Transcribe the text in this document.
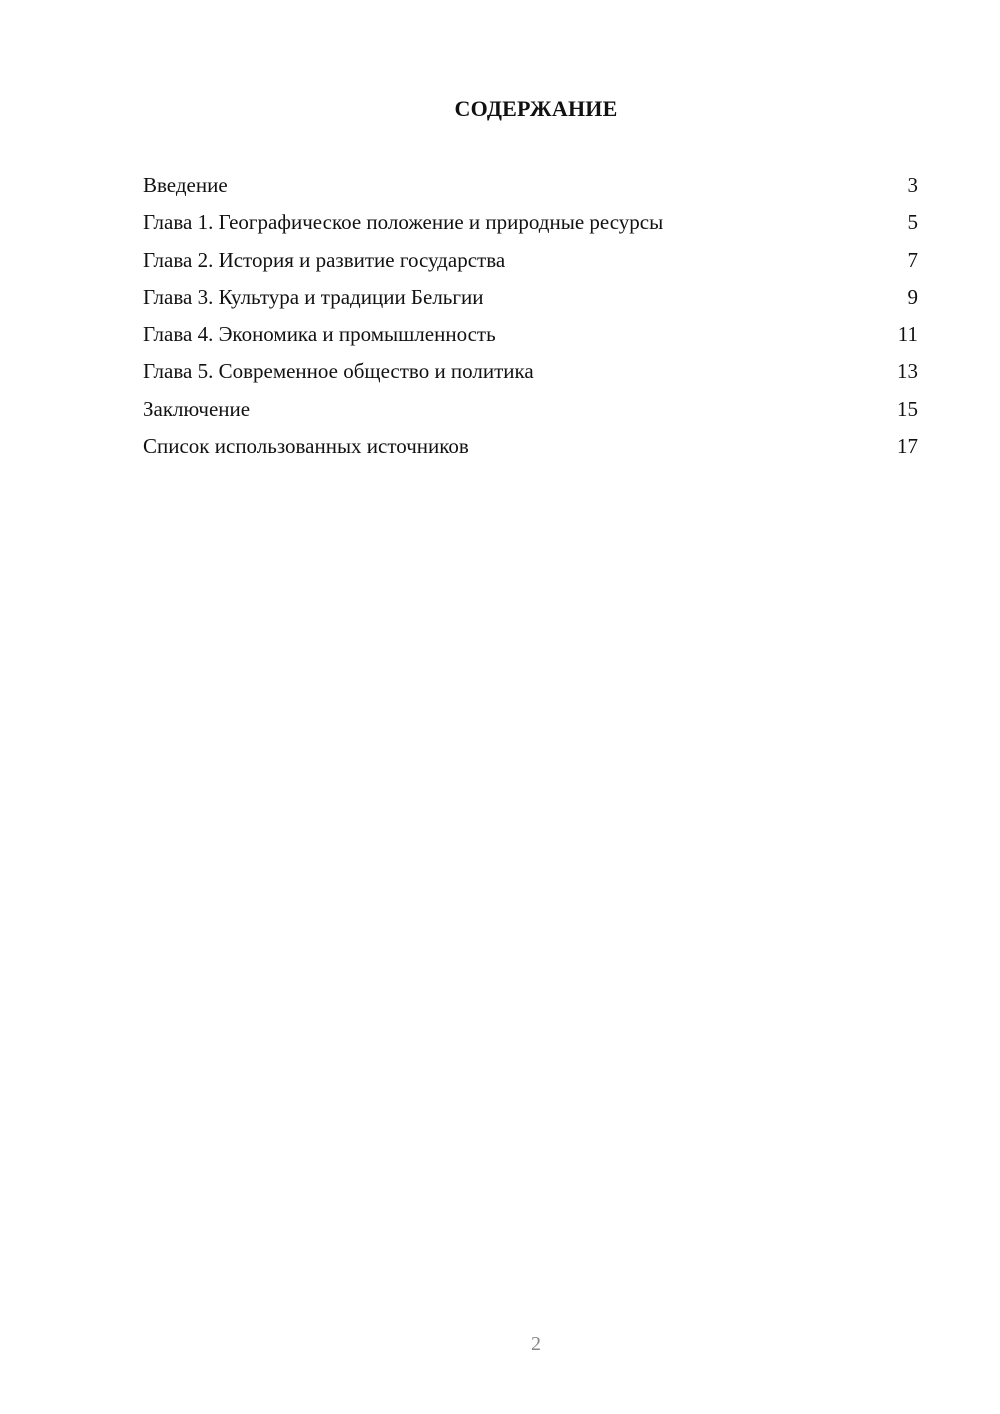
СОДЕРЖАНИЕ
Введение	3
Глава 1. Географическое положение и природные ресурсы	5
Глава 2. История и развитие государства	7
Глава 3. Культура и традиции Бельгии	9
Глава 4. Экономика и промышленность	11
Глава 5. Современное общество и политика	13
Заключение	15
Список использованных источников	17
2
